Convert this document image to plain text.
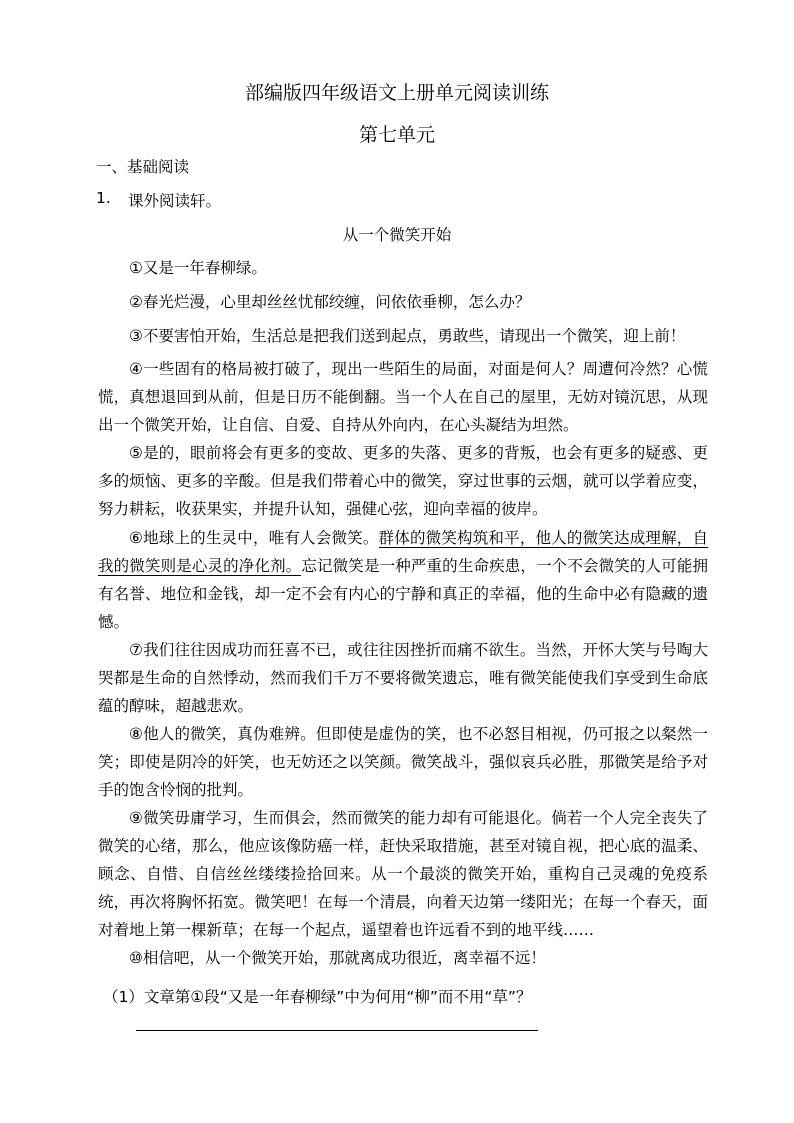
部编版四年级语文上册单元阅读训练
第七单元
一、基础阅读
1. 课外阅读轩。
从一个微笑开始
①又是一年春柳绿。
②春光烂漫，心里却丝丝忧郁绞缠，问依依垂柳，怎么办？
③不要害怕开始，生活总是把我们送到起点，勇敢些，请现出一个微笑，迎上前！
④一些固有的格局被打破了，现出一些陌生的局面，对面是何人？周遭何冷然？心慌慌，真想退回到从前，但是日历不能倒翻。当一个人在自己的屋里，无妨对镜沉思，从现出一个微笑开始，让自信、自爱、自持从外向内，在心头凝结为坦然。
⑤是的，眼前将会有更多的变故、更多的失落、更多的背叛，也会有更多的疑惑、更多的烦恼、更多的辛酸。但是我们带着心中的微笑，穿过世事的云烟，就可以学着应变，努力耕耘，收获果实，并提升认知，强健心弦，迎向幸福的彼岸。
⑥地球上的生灵中，唯有人会微笑。群体的微笑构筑和平，他人的微笑达成理解，自我的微笑则是心灵的净化剂。忘记微笑是一种严重的生命疾患，一个不会微笑的人可能拥有名誉、地位和金钱，却一定不会有内心的宁静和真正的幸福，他的生命中必有隐藏的遗憾。
⑦我们往往因成功而狂喜不已，或往往因挫折而痛不欲生。当然，开怀大笑与号啕大哭都是生命的自然悸动，然而我们千万不要将微笑遗忘，唯有微笑能使我们享受到生命底蕴的醇味，超越悲欢。
⑧他人的微笑，真伪难辨。但即使是虚伪的笑，也不必怒目相视，仍可报之以粲然一笑；即使是阴冷的奸笑，也无妨还之以笑颜。微笑战斗，强似哀兵必胜，那微笑是给予对手的饱含怜悯的批判。
⑨微笑毋庸学习，生而俱会，然而微笑的能力却有可能退化。倘若一个人完全丧失了微笑的心绪，那么，他应该像防癌一样，赶快采取措施，甚至对镜自视，把心底的温柔、顾念、自惜、自信丝丝缕缕捡拾回来。从一个最淡的微笑开始，重构自己灵魂的免疫系统，再次将胸怀拓宽。微笑吧！在每一个清晨，向着天边第一缕阳光；在每一个春天，面对着地上第一棵新草；在每一个起点，遥望着也许远看不到的地平线……
⑩相信吧，从一个微笑开始，那就离成功很近，离幸福不远！
（1）文章第①段“又是一年春柳绿”中为何用“柳”而不用“草”？
